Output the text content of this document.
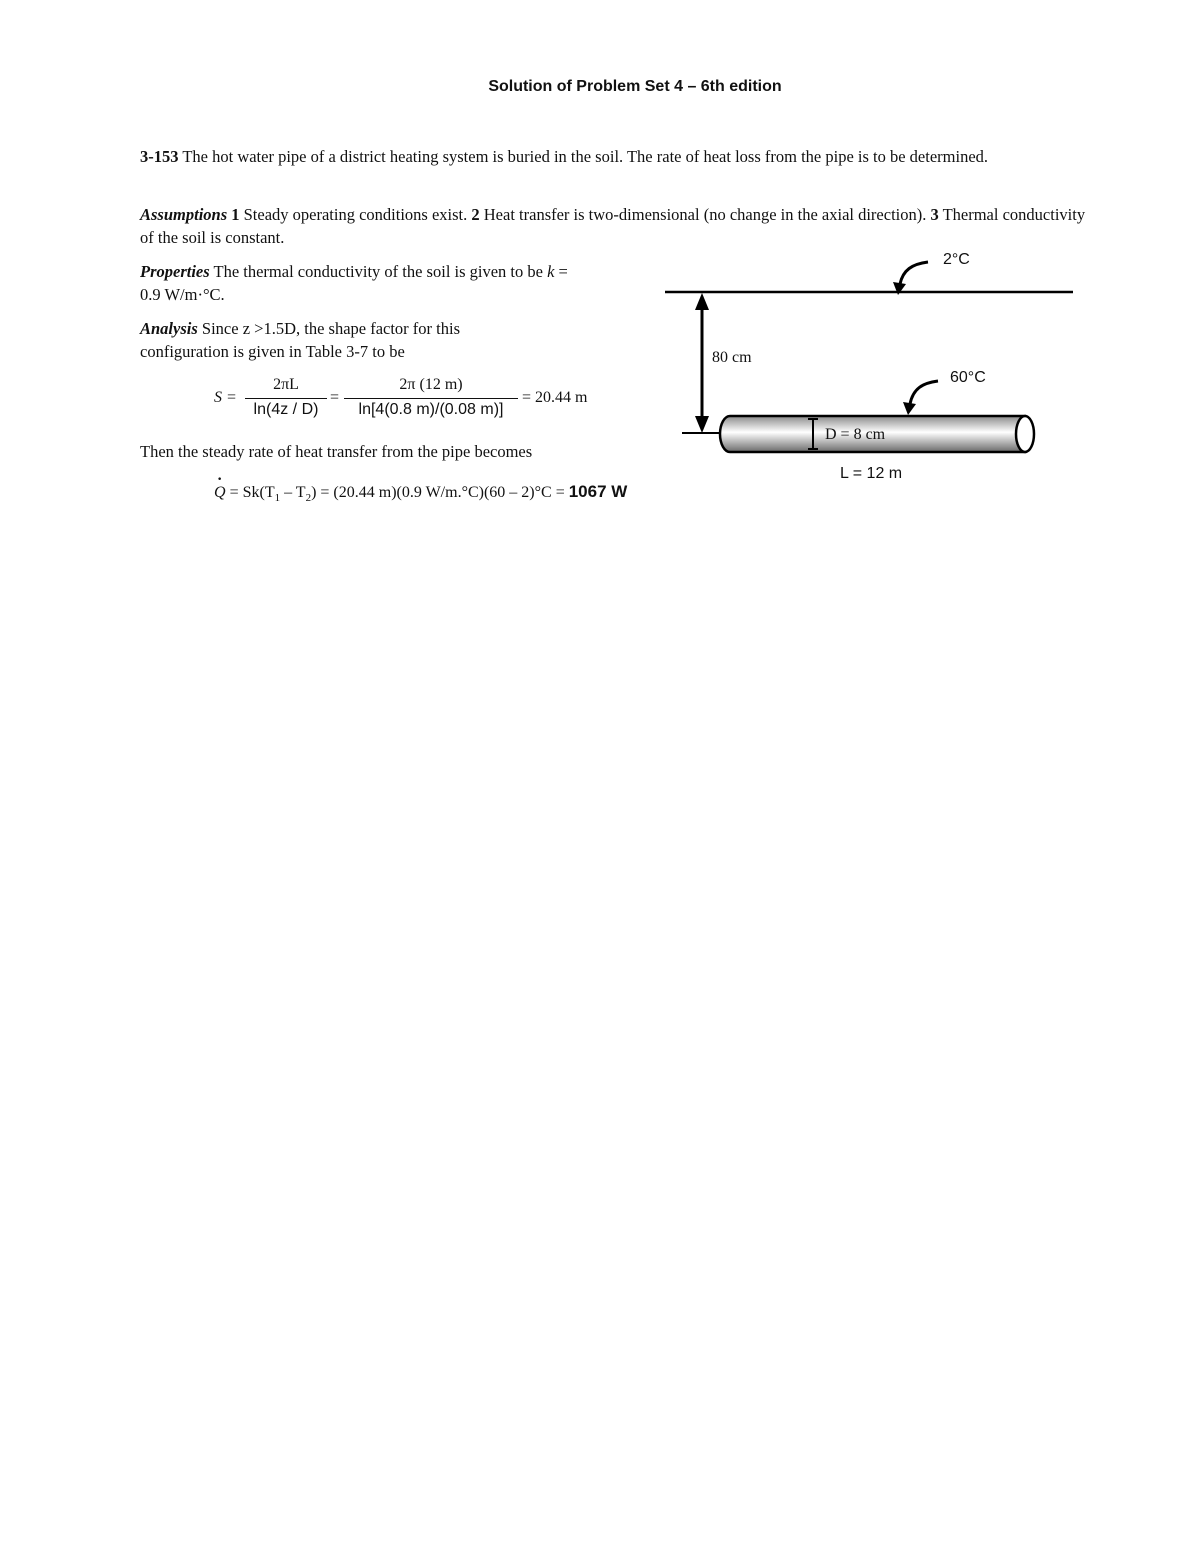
Solution of Problem Set 4 – 6th edition
3-153 The hot water pipe of a district heating system is buried in the soil. The rate of heat loss from the pipe is to be determined.
Assumptions 1 Steady operating conditions exist. 2 Heat transfer is two-dimensional (no change in the axial direction). 3 Thermal conductivity of the soil is constant.
Properties The thermal conductivity of the soil is given to be k = 0.9 W/m·°C.
Analysis Since z >1.5D, the shape factor for this configuration is given in Table 3-7 to be
S =
2πL
ln(4z / D)
=
2π (12 m)
ln[4(0.8 m)/(0.08 m)]
= 20.44 m
Then the steady rate of heat transfer from the pipe becomes
· $Q = Sk(T_1 - T_2) = (20.44$ m)(0.9 W/m.°C)(60 – 2)°C = 1067 W
2°C
80 cm
60°C
D = 8 cm
L = 12 m
